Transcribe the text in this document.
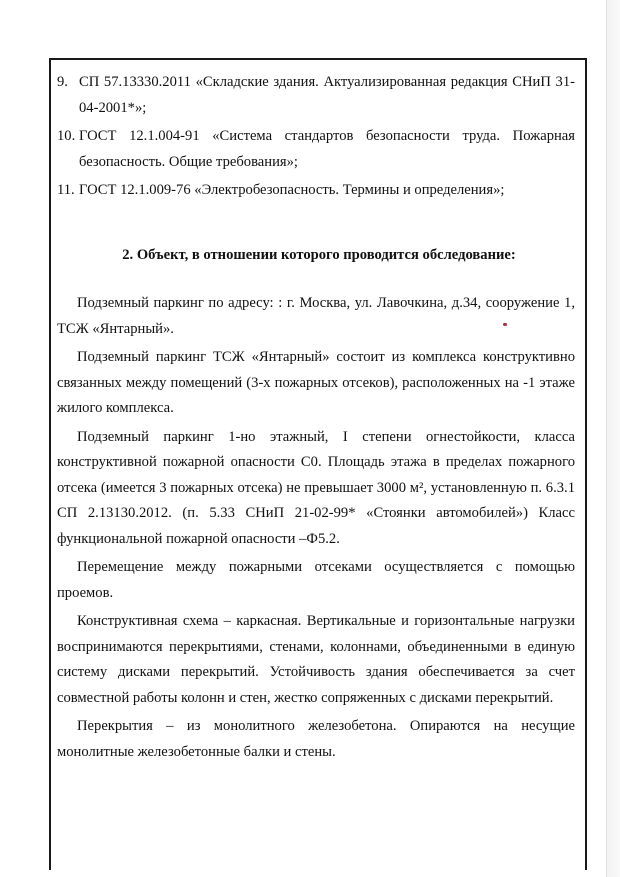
9. СП 57.13330.2011 «Складские здания. Актуализированная редакция СНиП 31-04-2001*»;
10. ГОСТ 12.1.004-91 «Система стандартов безопасности труда. Пожарная безопасность. Общие требования»;
11. ГОСТ 12.1.009-76 «Электробезопасность. Термины и определения»;
2. Объект, в отношении которого проводится обследование:

Подземный паркинг по адресу: : г. Москва, ул. Лавочкина, д.34, сооружение 1, ТСЖ «Янтарный».

Подземный паркинг ТСЖ «Янтарный» состоит из комплекса конструктивно связанных между помещений (3-х пожарных отсеков), расположенных на -1 этаже жилого комплекса.

Подземный паркинг 1-но этажный, I степени огнестойкости, класса конструктивной пожарной опасности С0. Площадь этажа в пределах пожарного отсека (имеется 3 пожарных отсека) не превышает 3000 м², установленную п. 6.3.1 СП 2.13130.2012. (п. 5.33 СНиП 21-02-99* «Стоянки автомобилей») Класс функциональной пожарной опасности –Ф5.2.

Перемещение между пожарными отсеками осуществляется с помощью проемов.

Конструктивная схема – каркасная. Вертикальные и горизонтальные нагрузки воспринимаются перекрытиями, стенами, колоннами, объединенными в единую систему дисками перекрытий. Устойчивость здания обеспечивается за счет совместной работы колонн и стен, жестко сопряженных с дисками перекрытий.

Перекрытия – из монолитного железобетона. Опираются на несущие монолитные железобетонные балки и стены.
